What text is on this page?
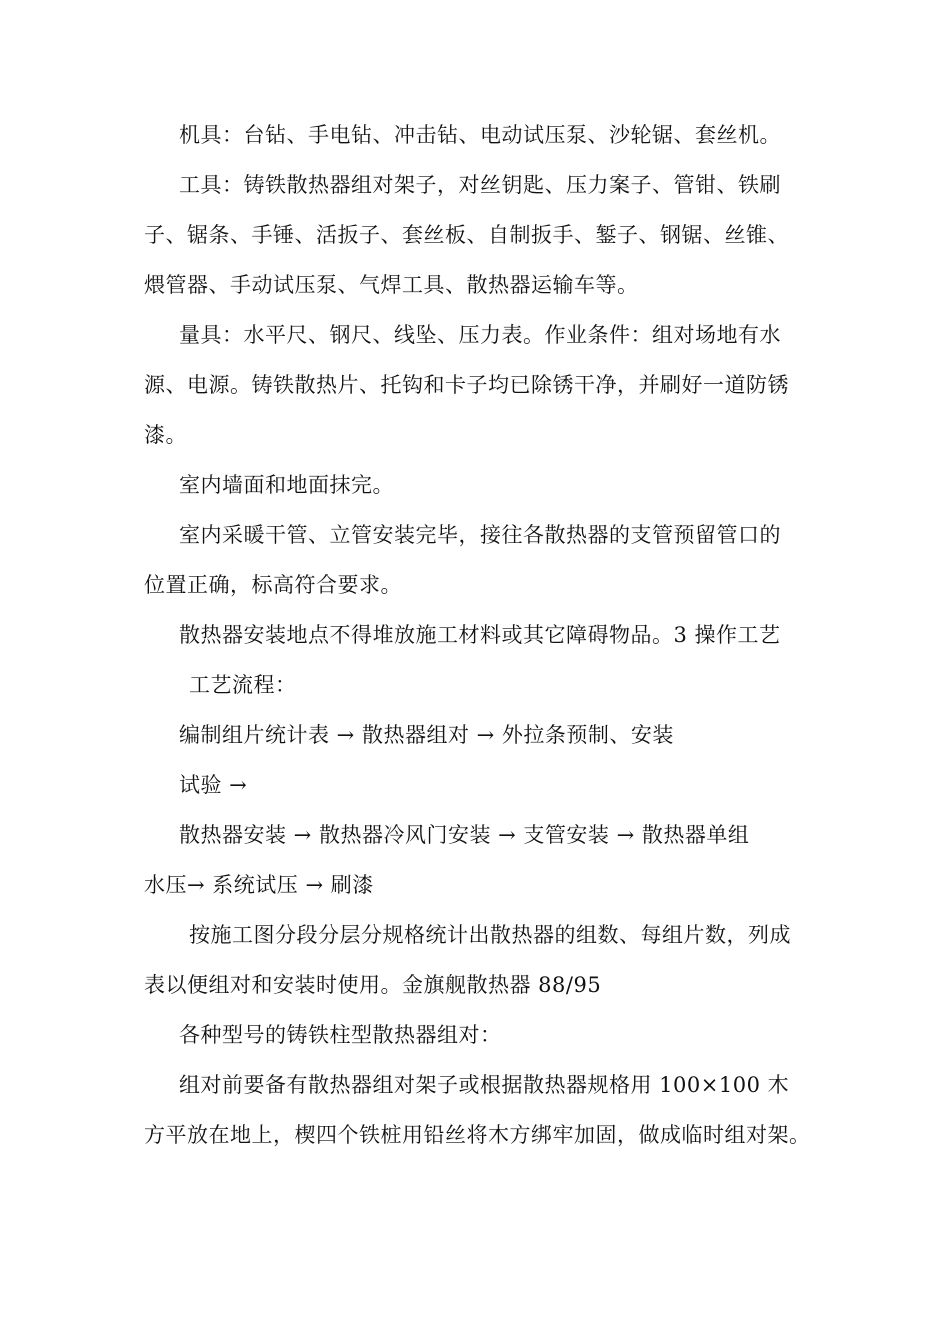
机具：台钻、手电钻、冲击钻、电动试压泵、沙轮锯、套丝机。
工具：铸铁散热器组对架子，对丝钥匙、压力案子、管钳、铁刷
子、锯条、手锤、活扳子、套丝板、自制扳手、錾子、钢锯、丝锥、
煨管器、手动试压泵、气焊工具、散热器运输车等。
量具：水平尺、钢尺、线坠、压力表。作业条件：组对场地有水
源、电源。铸铁散热片、托钩和卡子均已除锈干净，并刷好一道防锈
漆。
室内墙面和地面抹完。
室内采暖干管、立管安装完毕，接往各散热器的支管预留管口的
位置正确，标高符合要求。
散热器安装地点不得堆放施工材料或其它障碍物品。3 操作工艺
工艺流程：
编制组片统计表 → 散热器组对 → 外拉条预制、安装
试验 →
散热器安装 → 散热器冷风门安装 → 支管安装 → 散热器单组
水压→ 系统试压 → 刷漆
按施工图分段分层分规格统计出散热器的组数、每组片数，列成
表以便组对和安装时使用。金旗舰散热器 88/95
各种型号的铸铁柱型散热器组对：
组对前要备有散热器组对架子或根据散热器规格用 100×100 木
方平放在地上，楔四个铁桩用铅丝将木方绑牢加固，做成临时组对架。
